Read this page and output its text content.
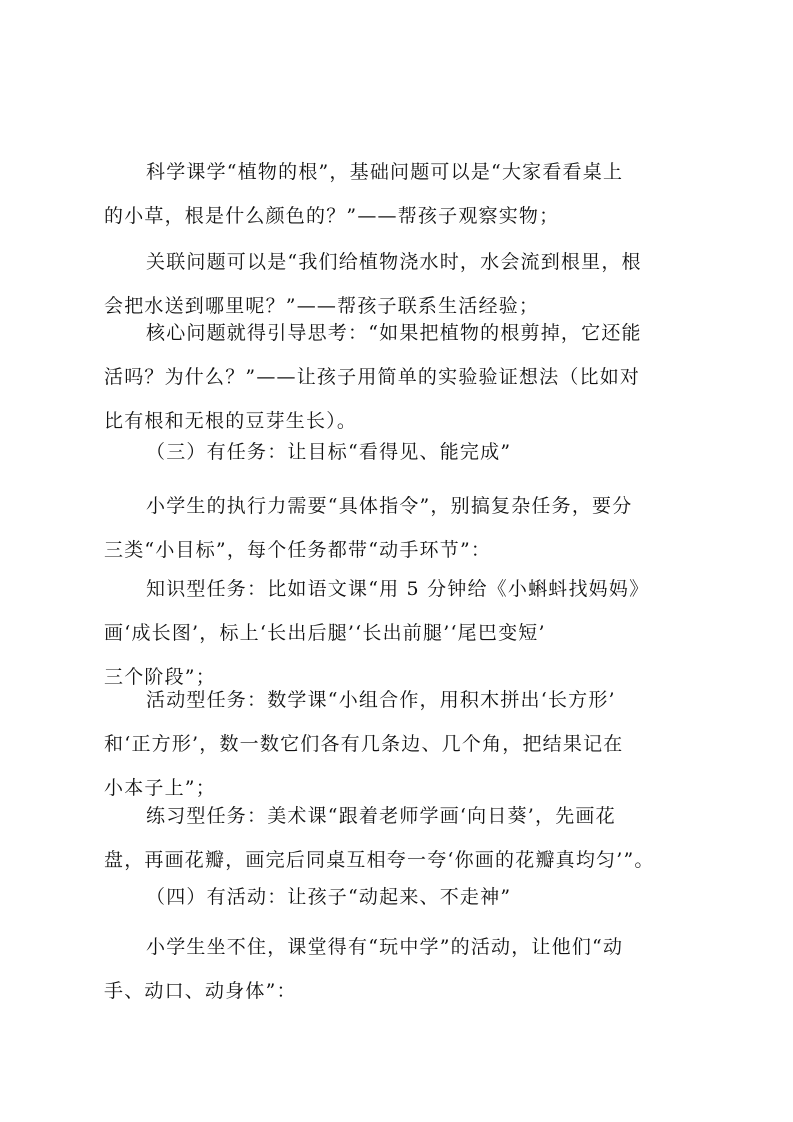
科学课学“植物的根”，基础问题可以是“大家看看桌上
的小草，根是什么颜色的？”——帮孩子观察实物；
关联问题可以是“我们给植物浇水时，水会流到根里，根
会把水送到哪里呢？”——帮孩子联系生活经验；
核心问题就得引导思考：“如果把植物的根剪掉，它还能
活吗？为什么？”——让孩子用简单的实验验证想法（比如对
比有根和无根的豆芽生长）。
（三）有任务：让目标“看得见、能完成”
小学生的执行力需要“具体指令”，别搞复杂任务，要分
三类“小目标”，每个任务都带“动手环节”：
知识型任务：比如语文课“用 5 分钟给《小蝌蚪找妈妈》
画‘成长图’，标上‘长出后腿’‘长出前腿’‘尾巴变短’
三个阶段”；
活动型任务：数学课“小组合作，用积木拼出‘长方形’
和‘正方形’，数一数它们各有几条边、几个角，把结果记在
小本子上”；
练习型任务：美术课“跟着老师学画‘向日葵’，先画花
盘，再画花瓣，画完后同桌互相夸一夸‘你画的花瓣真均匀’”。
（四）有活动：让孩子“动起来、不走神”
小学生坐不住，课堂得有“玩中学”的活动，让他们“动
手、动口、动身体”：
